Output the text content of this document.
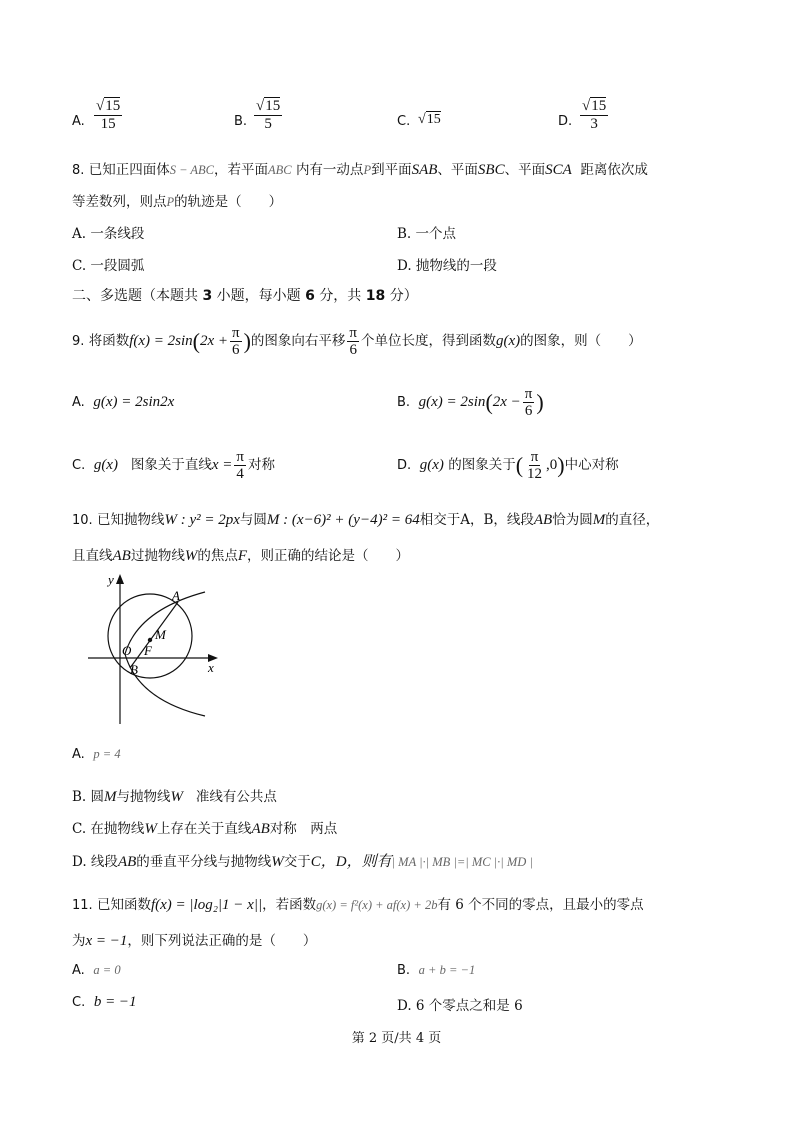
A. $\frac{√15}{15}$	B. $\frac{√15}{5}$	C. √15	D. $\frac{√15}{3}$
8. 已知正四面体S − ABC，若平面ABC 内有一动点P到平面SAB、平面SBC、平面SCA 距离依次成
等差数列，则点P的轨迹是（　　）
A. 一条线段	B. 一个点
C. 一段圆弧	D. 抛物线的一段
二、多选题（本题共 3 小题，每小题 6 分，共 18 分）
9. 将函数$f(x) = 2\sin(2x + \frac{\pi}{6}$ )的图象向右平移 $\frac{\pi}{6}$ 个单位长度，得到函数g(x)的图象，则（　　）
A. g(x) = 2sin2x	B. $g(x) = 2\sin(2x - \frac{\pi}{6}$ )
C. g(x) 图象关于直线$x = \frac{\pi}{4}$ 对称	D. g(x) 的图象关于( $\frac{\pi}{12} ,0$)中心对称
10. 已知抛物线W : y² = 2px与圆M : (x−6)² + (y−4)² = 64相交于A，B，线段AB恰为圆M的直径，
且直线AB过抛物线W的焦点F，则正确的结论是（　　）
y
x
A
M
O F
B
A. p = 4
B. 圆M与抛物线W 准线有公共点
C. 在抛物线W上存在关于直线AB对称　两点
D. 线段AB的垂直平分线与抛物线W交于C，D，则有| MA |·| MB |=| MC |·| MD |
11. 已知函数f(x) = |log₂|1 − x||，若函数g(x) = f²(x) + af(x) + 2b有 6 个不同的零点，且最小的零点
为x = −1，则下列说法正确的是（　　）
A. a = 0	B. a + b = −1
C. b = −1	D. 6 个零点之和是 6
第 2 页/共 4 页
